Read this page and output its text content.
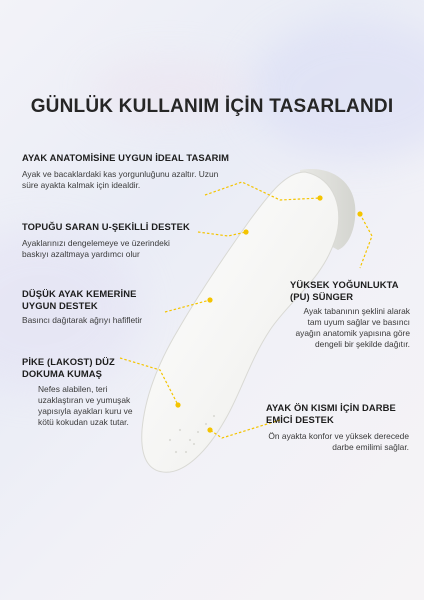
GÜNLÜK KULLANIM İÇİN TASARLANDI
AYAK ANATOMİSİNE UYGUN İDEAL TASARIM
Ayak ve bacaklardaki kas yorgunluğunu azaltır. Uzun
süre ayakta kalmak için idealdir.
TOPUĞU SARAN U-ŞEKİLLİ DESTEK
Ayaklarınızı dengelemeye ve üzerindeki
baskıyı azaltmaya yardımcı olur
DÜŞÜK AYAK KEMERİNE
UYGUN DESTEK
Basıncı dağıtarak ağrıyı hafifletir
PİKE (LAKOST) DÜZ
DOKUMA KUMAŞ
Nefes alabilen, teri
uzaklaştıran ve yumuşak
yapısıyla ayakları kuru ve
kötü kokudan uzak tutar.
YÜKSEK YOĞUNLUKTA
(PU) SÜNGER
Ayak tabanının şeklini alarak
tam uyum sağlar ve basıncı
ayağın anatomik yapısına göre
dengeli bir şekilde dağıtır.
AYAK ÖN KISMI İÇİN DARBE
EMİCİ DESTEK
Ön ayakta konfor ve yüksek derecede
darbe emilimi sağlar.
